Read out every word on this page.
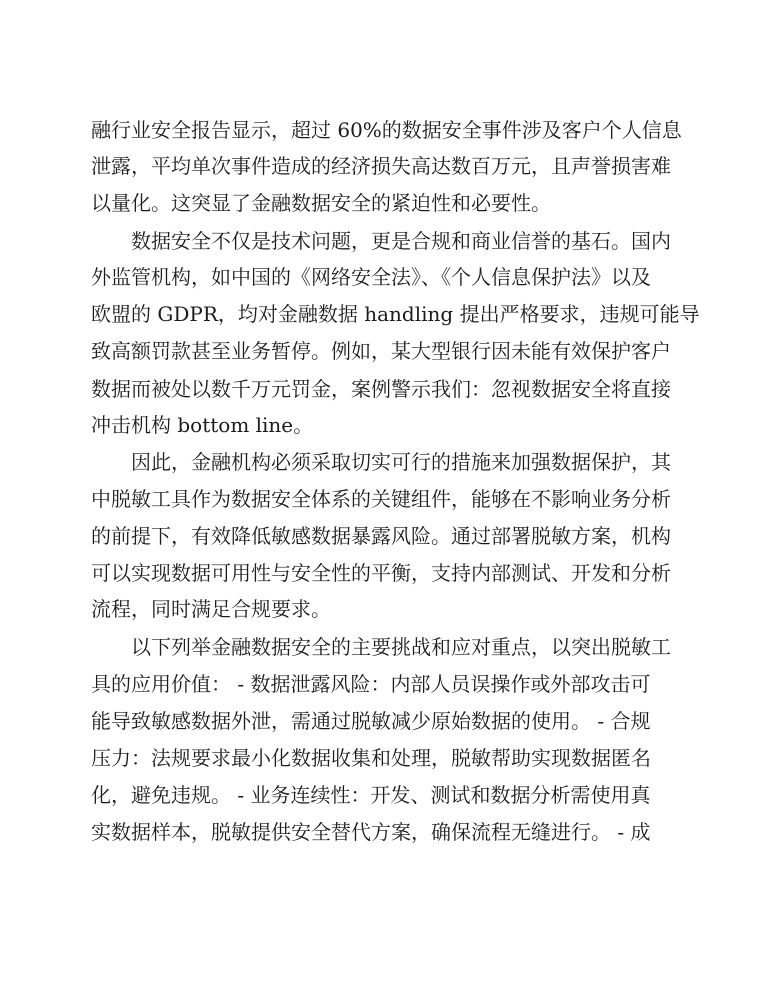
融行业安全报告显示，超过 60%的数据安全事件涉及客户个人信息
泄露，平均单次事件造成的经济损失高达数百万元，且声誉损害难
以量化。这突显了金融数据安全的紧迫性和必要性。
数据安全不仅是技术问题，更是合规和商业信誉的基石。国内
外监管机构，如中国的《网络安全法》、《个人信息保护法》以及
欧盟的 GDPR，均对金融数据 handling 提出严格要求，违规可能导
致高额罚款甚至业务暂停。例如，某大型银行因未能有效保护客户
数据而被处以数千万元罚金，案例警示我们：忽视数据安全将直接
冲击机构 bottom line。
因此，金融机构必须采取切实可行的措施来加强数据保护，其
中脱敏工具作为数据安全体系的关键组件，能够在不影响业务分析
的前提下，有效降低敏感数据暴露风险。通过部署脱敏方案，机构
可以实现数据可用性与安全性的平衡，支持内部测试、开发和分析
流程，同时满足合规要求。
以下列举金融数据安全的主要挑战和应对重点，以突出脱敏工
具的应用价值： - 数据泄露风险：内部人员误操作或外部攻击可
能导致敏感数据外泄，需通过脱敏减少原始数据的使用。 - 合规
压力：法规要求最小化数据收集和处理，脱敏帮助实现数据匿名
化，避免违规。 - 业务连续性：开发、测试和数据分析需使用真
实数据样本，脱敏提供安全替代方案，确保流程无缝进行。 - 成
